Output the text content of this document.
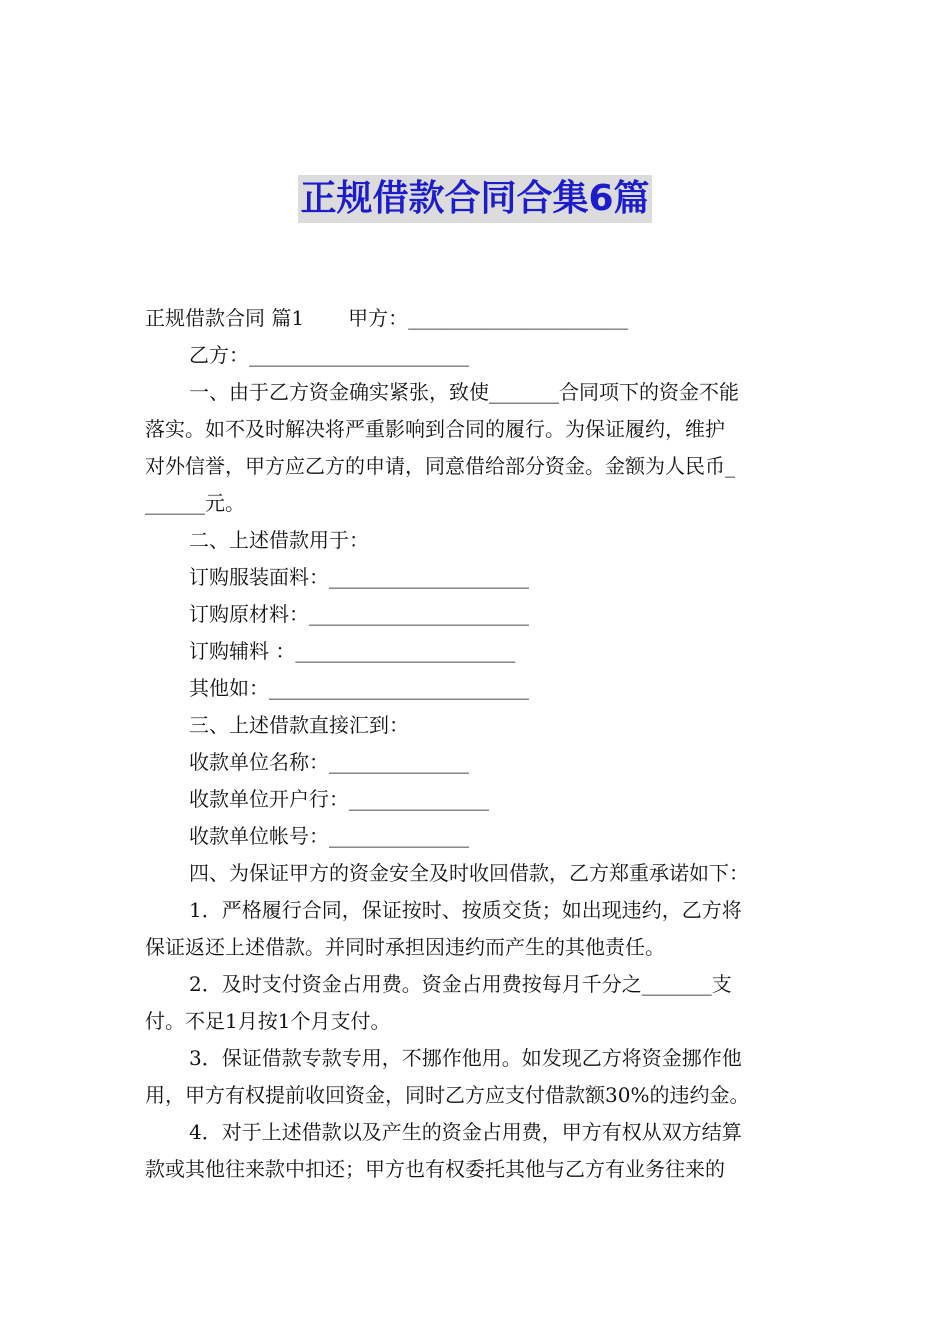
正规借款合同合集6篇
正规借款合同 篇1 甲方：______________________
乙方：______________________
一、由于乙方资金确实紧张，致使_______合同项下的资金不能
落实。如不及时解决将严重影响到合同的履行。为保证履约，维护
对外信誉，甲方应乙方的申请，同意借给部分资金。金额为人民币_
______元。
二、上述借款用于：
订购服装面料：____________________
订购原材料：______________________
订购辅料 ：______________________
其他如：__________________________
三、上述借款直接汇到：
收款单位名称：______________
收款单位开户行：______________
收款单位帐号：______________
四、为保证甲方的资金安全及时收回借款，乙方郑重承诺如下：
1．严格履行合同，保证按时、按质交货；如出现违约，乙方将
保证返还上述借款。并同时承担因违约而产生的其他责任。
2．及时支付资金占用费。资金占用费按每月千分之_______支
付。不足1月按1个月支付。
3．保证借款专款专用，不挪作他用。如发现乙方将资金挪作他
用，甲方有权提前收回资金，同时乙方应支付借款额30%的违约金。
4．对于上述借款以及产生的资金占用费，甲方有权从双方结算
款或其他往来款中扣还；甲方也有权委托其他与乙方有业务往来的
